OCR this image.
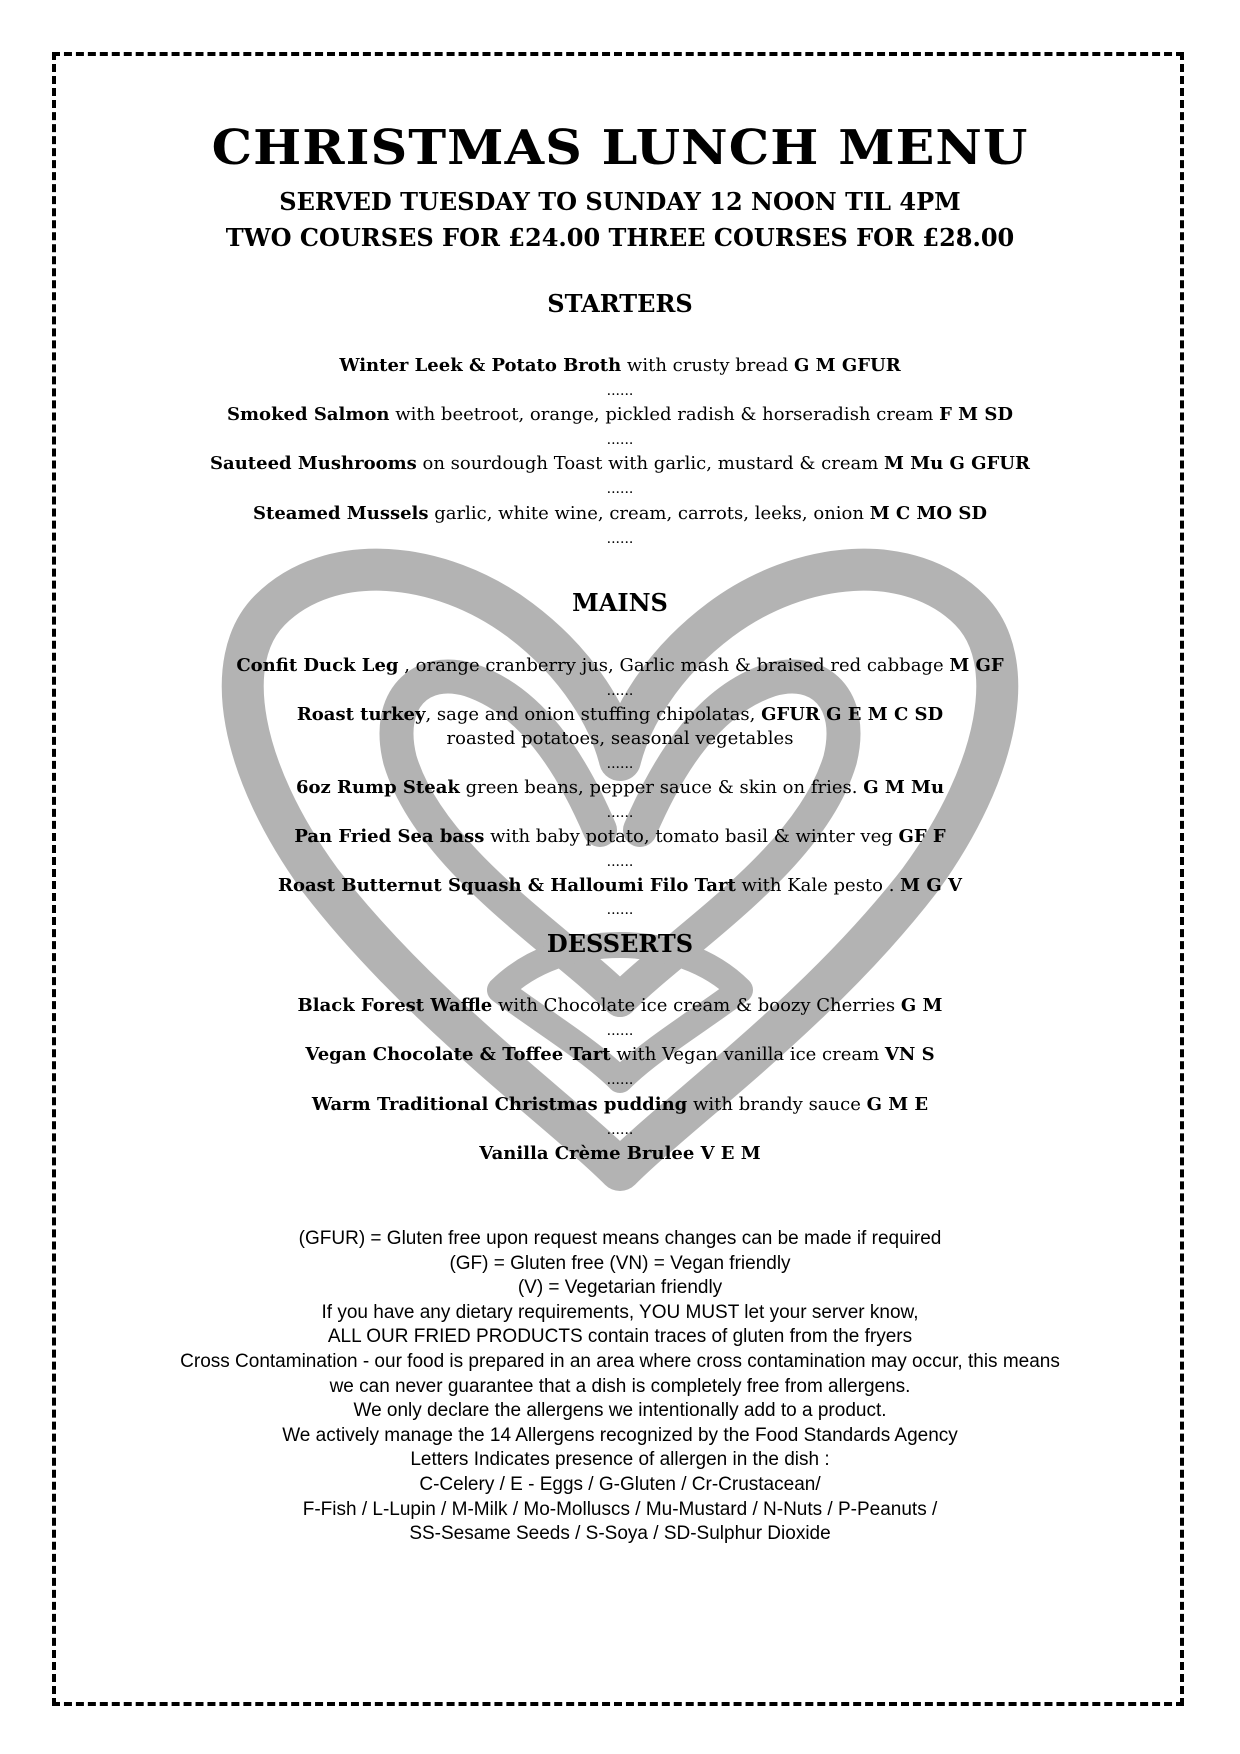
CHRISTMAS LUNCH MENU
SERVED TUESDAY TO SUNDAY 12 NOON TIL 4PM
TWO COURSES FOR £24.00 THREE COURSES FOR £28.00
STARTERS
Winter Leek & Potato Broth with crusty bread G M GFUR
......
Smoked Salmon with beetroot, orange, pickled radish & horseradish cream F M SD
......
Sauteed Mushrooms on sourdough Toast with garlic, mustard & cream M Mu G GFUR
......
Steamed Mussels garlic, white wine, cream, carrots, leeks, onion M C MO SD
......
MAINS
Confit Duck Leg , orange cranberry jus, Garlic mash & braised red cabbage M GF
......
Roast turkey, sage and onion stuffing chipolatas, GFUR G E M C SD
roasted potatoes, seasonal vegetables
......
6oz Rump Steak green beans, pepper sauce & skin on fries. G M Mu
......
Pan Fried Sea bass with baby potato, tomato basil & winter veg GF F
......
Roast Butternut Squash & Halloumi Filo Tart with Kale pesto . M G V
......
DESSERTS
Black Forest Waffle with Chocolate ice cream & boozy Cherries G M
......
Vegan Chocolate & Toffee Tart with Vegan vanilla ice cream VN S
......
Warm Traditional Christmas pudding with brandy sauce G M E
......
Vanilla Crème Brulee V E M
(GFUR) = Gluten free upon request means changes can be made if required
(GF) = Gluten free (VN) = Vegan friendly
(V) = Vegetarian friendly
If you have any dietary requirements, YOU MUST let your server know,
ALL OUR FRIED PRODUCTS contain traces of gluten from the fryers
Cross Contamination - our food is prepared in an area where cross contamination may occur, this means
we can never guarantee that a dish is completely free from allergens.
We only declare the allergens we intentionally add to a product.
We actively manage the 14 Allergens recognized by the Food Standards Agency
Letters Indicates presence of allergen in the dish :
C-Celery / E - Eggs / G-Gluten / Cr-Crustacean/
F-Fish / L-Lupin / M-Milk / Mo-Molluscs / Mu-Mustard / N-Nuts / P-Peanuts /
SS-Sesame Seeds / S-Soya / SD-Sulphur Dioxide
